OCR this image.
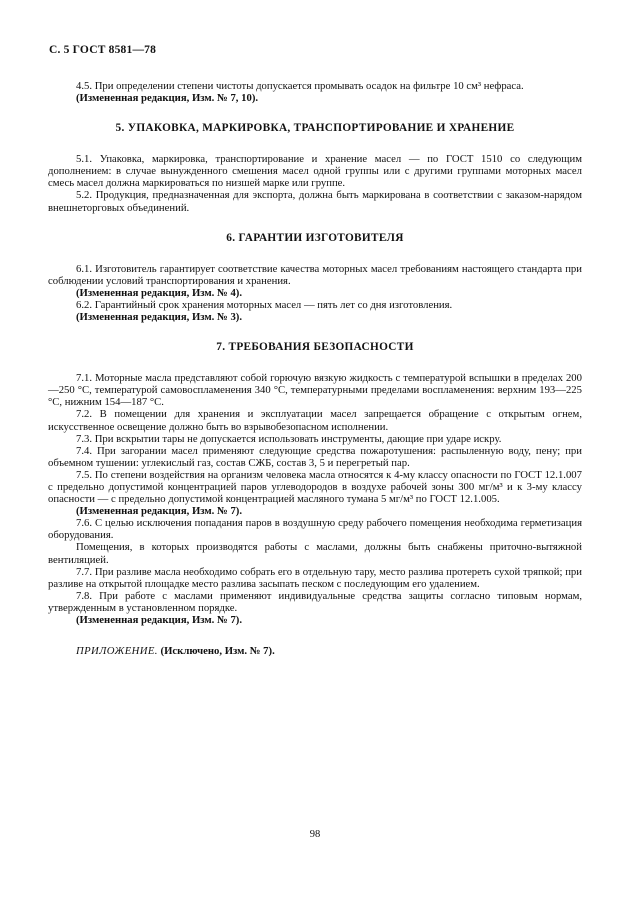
С. 5 ГОСТ 8581—78

4.5. При определении степени чистоты допускается промывать осадок на фильтре 10 см³ нефраса.

(Измененная редакция, Изм. № 7, 10).

5. УПАКОВКА, МАРКИРОВКА, ТРАНСПОРТИРОВАНИЕ И ХРАНЕНИЕ

5.1. Упаковка, маркировка, транспортирование и хранение масел — по ГОСТ 1510 со следующим дополнением: в случае вынужденного смешения масел одной группы или с другими группами моторных масел смесь масел должна маркироваться по низшей марке или группе.

5.2. Продукция, предназначенная для экспорта, должна быть маркирована в соответствии с заказом-нарядом внешнеторговых объединений.

6. ГАРАНТИИ ИЗГОТОВИТЕЛЯ

6.1. Изготовитель гарантирует соответствие качества моторных масел требованиям настоящего стандарта при соблюдении условий транспортирования и хранения.

(Измененная редакция, Изм. № 4).

6.2. Гарантийный срок хранения моторных масел — пять лет со дня изготовления.

(Измененная редакция, Изм. № 3).

7. ТРЕБОВАНИЯ БЕЗОПАСНОСТИ

7.1. Моторные масла представляют собой горючую вязкую жидкость с температурой вспышки в пределах 200—250 °С, температурой самовоспламенения 340 °С, температурными пределами воспламенения: верхним 193—225 °С, нижним 154—187 °С.

7.2. В помещении для хранения и эксплуатации масел запрещается обращение с открытым огнем, искусственное освещение должно быть во взрывобезопасном исполнении.

7.3. При вскрытии тары не допускается использовать инструменты, дающие при ударе искру.

7.4. При загорании масел применяют следующие средства пожаротушения: распыленную воду, пену; при объемном тушении: углекислый газ, состав СЖБ, состав 3, 5 и перегретый пар.

7.5. По степени воздействия на организм человека масла относятся к 4-му классу опасности по ГОСТ 12.1.007 с предельно допустимой концентрацией паров углеводородов в воздухе рабочей зоны 300 мг/м³ и к 3-му классу опасности — с предельно допустимой концентрацией масляного тумана 5 мг/м³ по ГОСТ 12.1.005.

(Измененная редакция, Изм. № 7).

7.6. С целью исключения попадания паров в воздушную среду рабочего помещения необходима герметизация оборудования.

Помещения, в которых производятся работы с маслами, должны быть снабжены приточно-вытяжной вентиляцией.

7.7. При разливе масла необходимо собрать его в отдельную тару, место разлива протереть сухой тряпкой; при разливе на открытой площадке место разлива засыпать песком с последующим его удалением.

7.8. При работе с маслами применяют индивидуальные средства защиты согласно типовым нормам, утвержденным в установленном порядке.

(Измененная редакция, Изм. № 7).

ПРИЛОЖЕНИЕ. (Исключено, Изм. № 7).

98
